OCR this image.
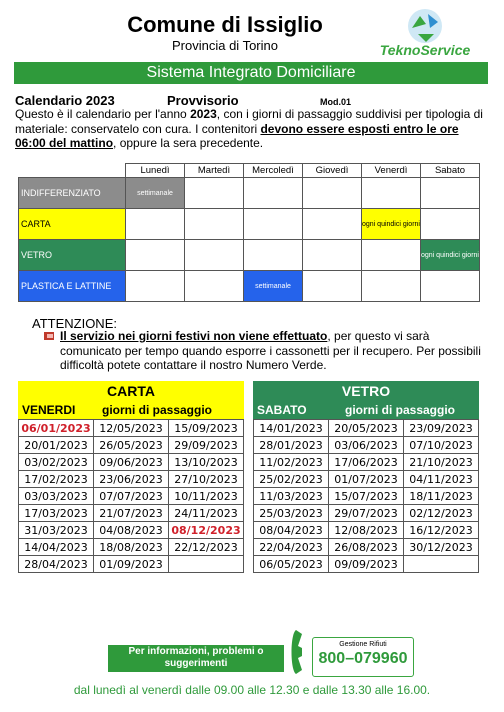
Comune di Issiglio
Provincia di Torino	TeknoService
Sistema Integrato Domiciliare
Calendario 2023	Provvisorio	Mod.01
Questo è il calendario per l'anno 2023, con i giorni di passaggio suddivisi per tipologia di materiale: conservatelo con cura. I contenitori devono essere esposti entro le ore 06:00 del mattino, oppure la sera precedente.
	Lunedì	Martedì	Mercoledì	Giovedì	Venerdì	Sabato
INDIFFERENZIATO	settimanale					
CARTA					ogni quindici giorni	
VETRO						ogni quindici giorni
PLASTICA E LATTINE			settimanale			
ATTENZIONE:
Il servizio nei giorni festivi non viene effettuato, per questo vi sarà comunicato per tempo quando esporre i cassonetti per il recupero. Per possibili difficoltà potete contattare il nostro Numero Verde.
CARTA
VENERDI giorni di passaggio
06/01/2023	12/05/2023	15/09/2023
20/01/2023	26/05/2023	29/09/2023
03/02/2023	09/06/2023	13/10/2023
17/02/2023	23/06/2023	27/10/2023
03/03/2023	07/07/2023	10/11/2023
17/03/2023	21/07/2023	24/11/2023
31/03/2023	04/08/2023	08/12/2023
14/04/2023	18/08/2023	22/12/2023
28/04/2023	01/09/2023	
VETRO
SABATO	giorni di passaggio
14/01/2023	20/05/2023	23/09/2023
28/01/2023	03/06/2023	07/10/2023
11/02/2023	17/06/2023	21/10/2023
25/02/2023	01/07/2023	04/11/2023
11/03/2023	15/07/2023	18/11/2023
25/03/2023	29/07/2023	02/12/2023
08/04/2023	12/08/2023	16/12/2023
22/04/2023	26/08/2023	30/12/2023
06/05/2023	09/09/2023	
Per informazioni, problemi o suggerimenti
Gestione Rifiuti
800–079960
dal lunedì al venerdì dalle 09.00 alle 12.30 e dalle 13.30 alle 16.00.
